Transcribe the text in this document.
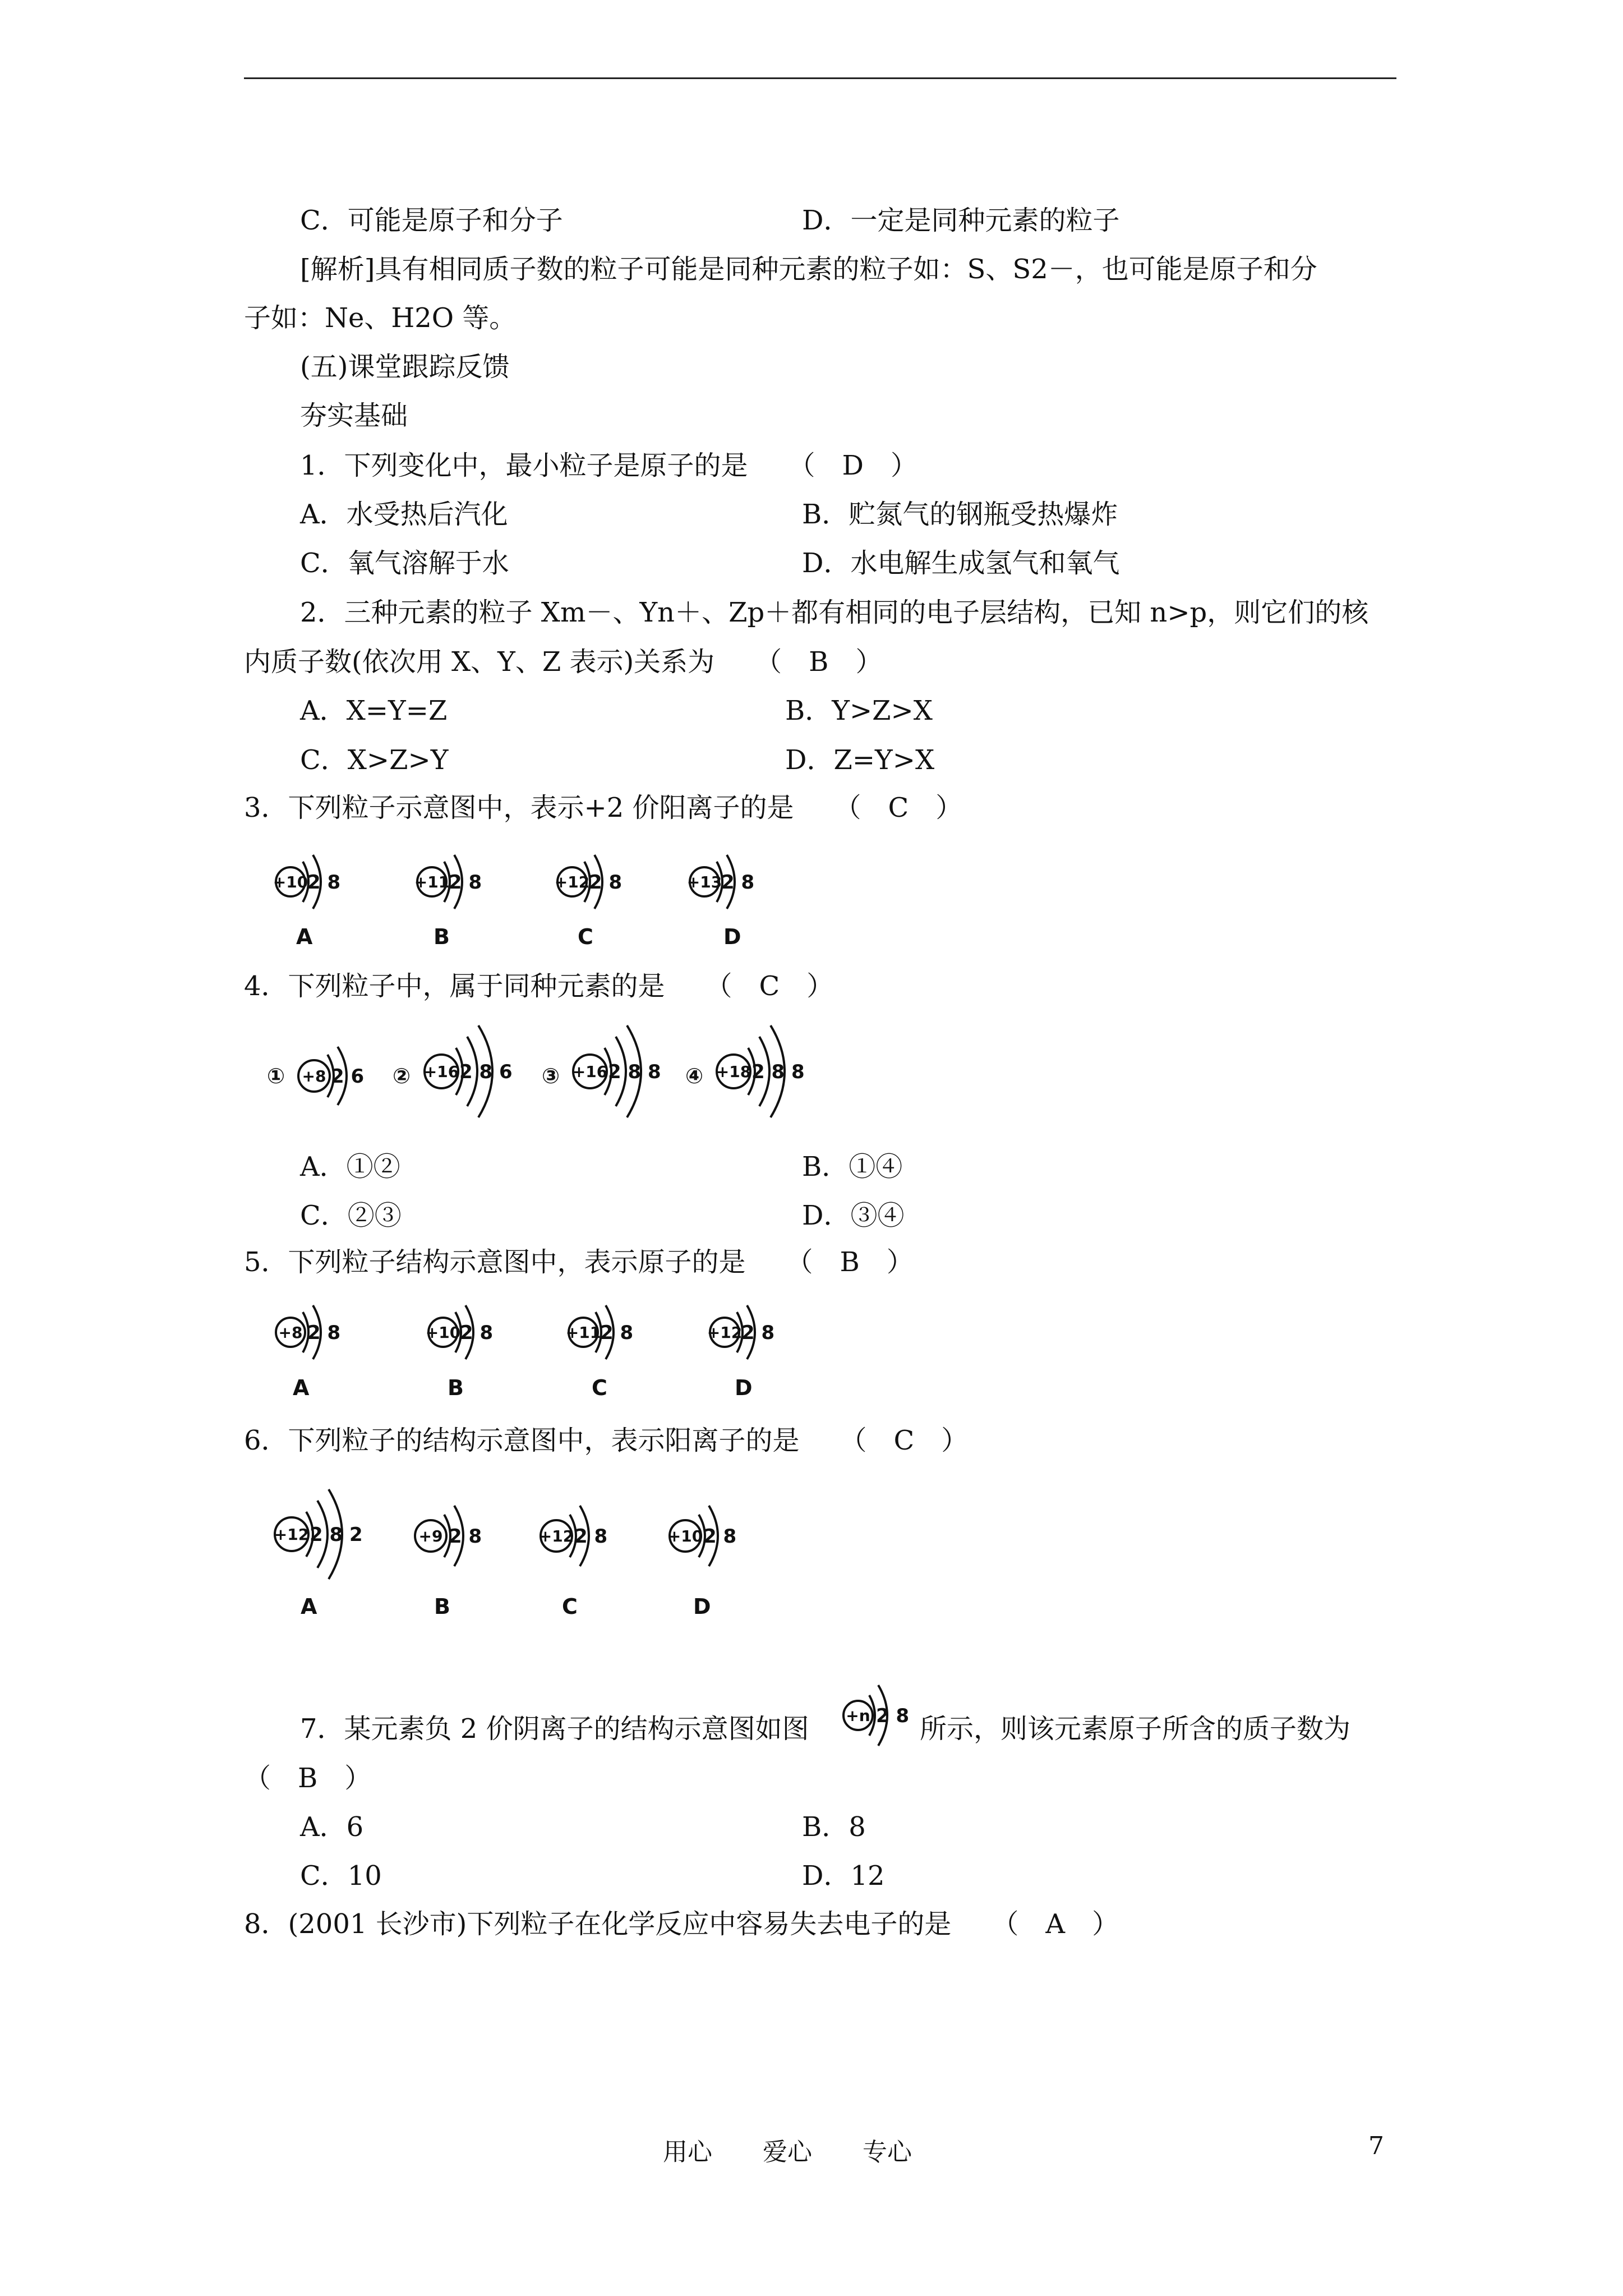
C．可能是原子和分子	D．一定是同种元素的粒子
[解析]具有相同质子数的粒子可能是同种元素的粒子如：S、S2－，也可能是原子和分
子如：Ne、H2O 等。
(五)课堂跟踪反馈
夯实基础
1．下列变化中，最小粒子是原子的是　　（　D　）
A．水受热后汽化	B．贮氮气的钢瓶受热爆炸
C．氧气溶解于水	D．水电解生成氢气和氧气
2．三种元素的粒子 Xm－、Yn＋、Zp＋都有相同的电子层结构，已知 n>p，则它们的核
内质子数(依次用 X、Y、Z 表示)关系为　　（　B　）
A．X=Y=Z	B．Y>Z>X
C．X>Z>Y	D．Z=Y>X
3．下列粒子示意图中，表示+2 价阳离子的是　　（　C　）
+10
2 8
A
+11
2 8
B
+12
2 8
C
+13
2 8
D
4．下列粒子中，属于同种元素的是　　（　C　）
① +8 2 6 ② +16 2 8 6 ③ +16 2 8 8 ④ +18 2 8 8
A．①②	B．①④
C．②③	D．③④
5．下列粒子结构示意图中，表示原子的是　　（　B　）
+8 2 8
A
+10
2 8
B
+11
2 8
C
+12
2 8
D
6．下列粒子的结构示意图中，表示阳离子的是　　（　C　）
+12 2 8 2
A
+9 2 8
B
+12 2 8
C
+10 2 8
D
7．某元素负 2 价阴离子的结构示意图如图 +n 2 8 所示，则该元素原子所含的质子数为
（　B　）
A．6	B．8
C．10	D．12
8．(2001 长沙市)下列粒子在化学反应中容易失去电子的是　　（　A　）
用心 爱心 专心	7
